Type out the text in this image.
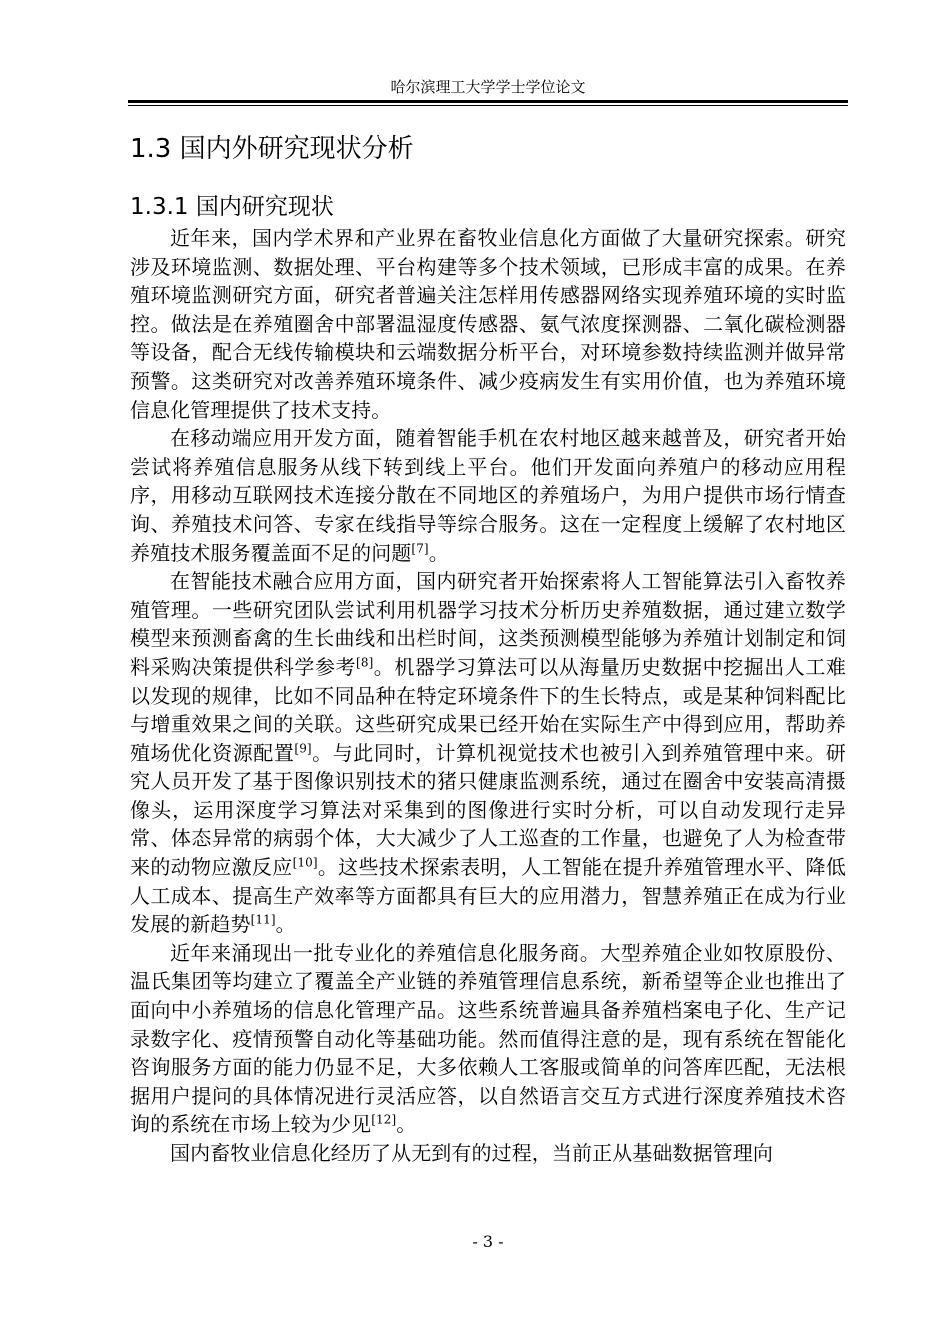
哈尔滨理工大学学士学位论文
1.3 国内外研究现状分析
1.3.1 国内研究现状

近年来，国内学术界和产业界在畜牧业信息化方面做了大量研究探索。研究涉及环境监测、数据处理、平台构建等多个技术领域，已形成丰富的成果。在养殖环境监测研究方面，研究者普遍关注怎样用传感器网络实现养殖环境的实时监控。做法是在养殖圈舍中部署温湿度传感器、氨气浓度探测器、二氧化碳检测器等设备，配合无线传输模块和云端数据分析平台，对环境参数持续监测并做异常预警。这类研究对改善养殖环境条件、减少疫病发生有实用价值，也为养殖环境信息化管理提供了技术支持。

在移动端应用开发方面，随着智能手机在农村地区越来越普及，研究者开始尝试将养殖信息服务从线下转到线上平台。他们开发面向养殖户的移动应用程序，用移动互联网技术连接分散在不同地区的养殖场户，为用户提供市场行情查询、养殖技术问答、专家在线指导等综合服务。这在一定程度上缓解了农村地区养殖技术服务覆盖面不足的问题[7]。

在智能技术融合应用方面，国内研究者开始探索将人工智能算法引入畜牧养殖管理。一些研究团队尝试利用机器学习技术分析历史养殖数据，通过建立数学模型来预测畜禽的生长曲线和出栏时间，这类预测模型能够为养殖计划制定和饲料采购决策提供科学参考[8]。机器学习算法可以从海量历史数据中挖掘出人工难以发现的规律，比如不同品种在特定环境条件下的生长特点，或是某种饲料配比与增重效果之间的关联。这些研究成果已经开始在实际生产中得到应用，帮助养殖场优化资源配置[9]。与此同时，计算机视觉技术也被引入到养殖管理中来。研究人员开发了基于图像识别技术的猪只健康监测系统，通过在圈舍中安装高清摄像头，运用深度学习算法对采集到的图像进行实时分析，可以自动发现行走异常、体态异常的病弱个体，大大减少了人工巡查的工作量，也避免了人为检查带来的动物应激反应[10]。这些技术探索表明，人工智能在提升养殖管理水平、降低人工成本、提高生产效率等方面都具有巨大的应用潜力，智慧养殖正在成为行业发展的新趋势[11]。

近年来涌现出一批专业化的养殖信息化服务商。大型养殖企业如牧原股份、温氏集团等均建立了覆盖全产业链的养殖管理信息系统，新希望等企业也推出了面向中小养殖场的信息化管理产品。这些系统普遍具备养殖档案电子化、生产记录数字化、疫情预警自动化等基础功能。然而值得注意的是，现有系统在智能化咨询服务方面的能力仍显不足，大多依赖人工客服或简单的问答库匹配，无法根据用户提问的具体情况进行灵活应答，以自然语言交互方式进行深度养殖技术咨询的系统在市场上较为少见[12]。

国内畜牧业信息化经历了从无到有的过程，当前正从基础数据管理向

- 3 -
